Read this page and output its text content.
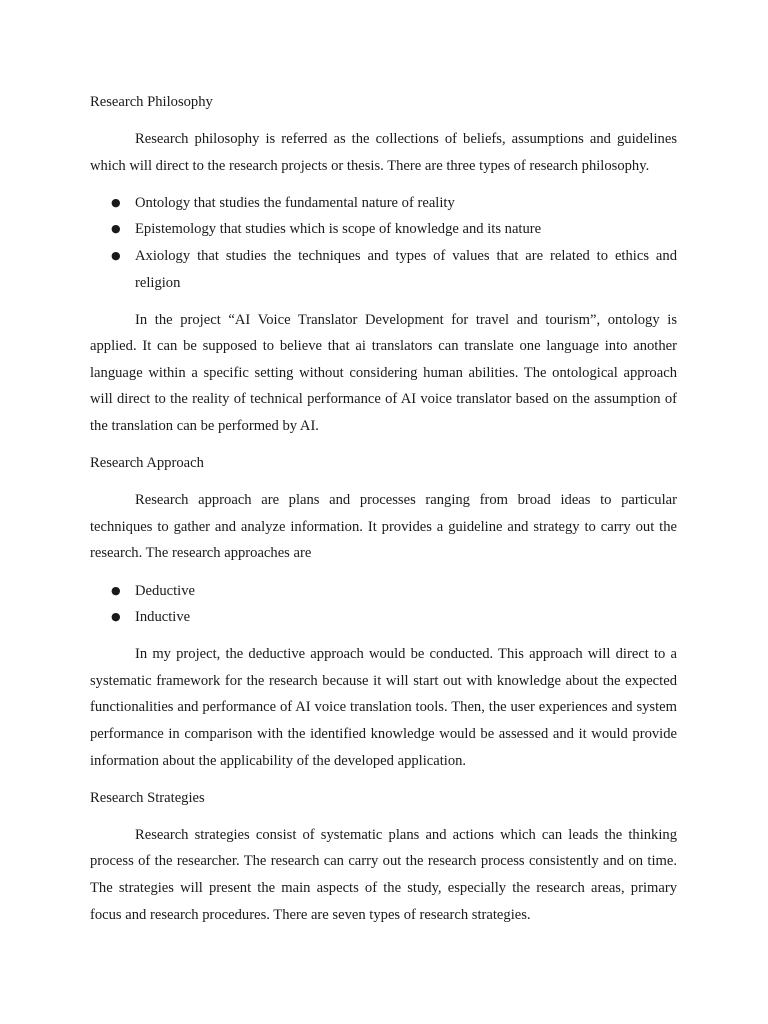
Research Philosophy

Research philosophy is referred as the collections of beliefs, assumptions and guidelines which will direct to the research projects or thesis. There are three types of research philosophy.

● Ontology that studies the fundamental nature of reality
● Epistemology that studies which is scope of knowledge and its nature
● Axiology that studies the techniques and types of values that are related to ethics and religion

In the project “AI Voice Translator Development for travel and tourism”, ontology is applied. It can be supposed to believe that ai translators can translate one language into another language within a specific setting without considering human abilities. The ontological approach will direct to the reality of technical performance of AI voice translator based on the assumption of the translation can be performed by AI.

Research Approach

Research approach are plans and processes ranging from broad ideas to particular techniques to gather and analyze information. It provides a guideline and strategy to carry out the research. The research approaches are

● Deductive
● Inductive

In my project, the deductive approach would be conducted. This approach will direct to a systematic framework for the research because it will start out with knowledge about the expected functionalities and performance of AI voice translation tools. Then, the user experiences and system performance in comparison with the identified knowledge would be assessed and it would provide information about the applicability of the developed application.

Research Strategies

Research strategies consist of systematic plans and actions which can leads the thinking process of the researcher. The research can carry out the research process consistently and on time. The strategies will present the main aspects of the study, especially the research areas, primary focus and research procedures. There are seven types of research strategies.
